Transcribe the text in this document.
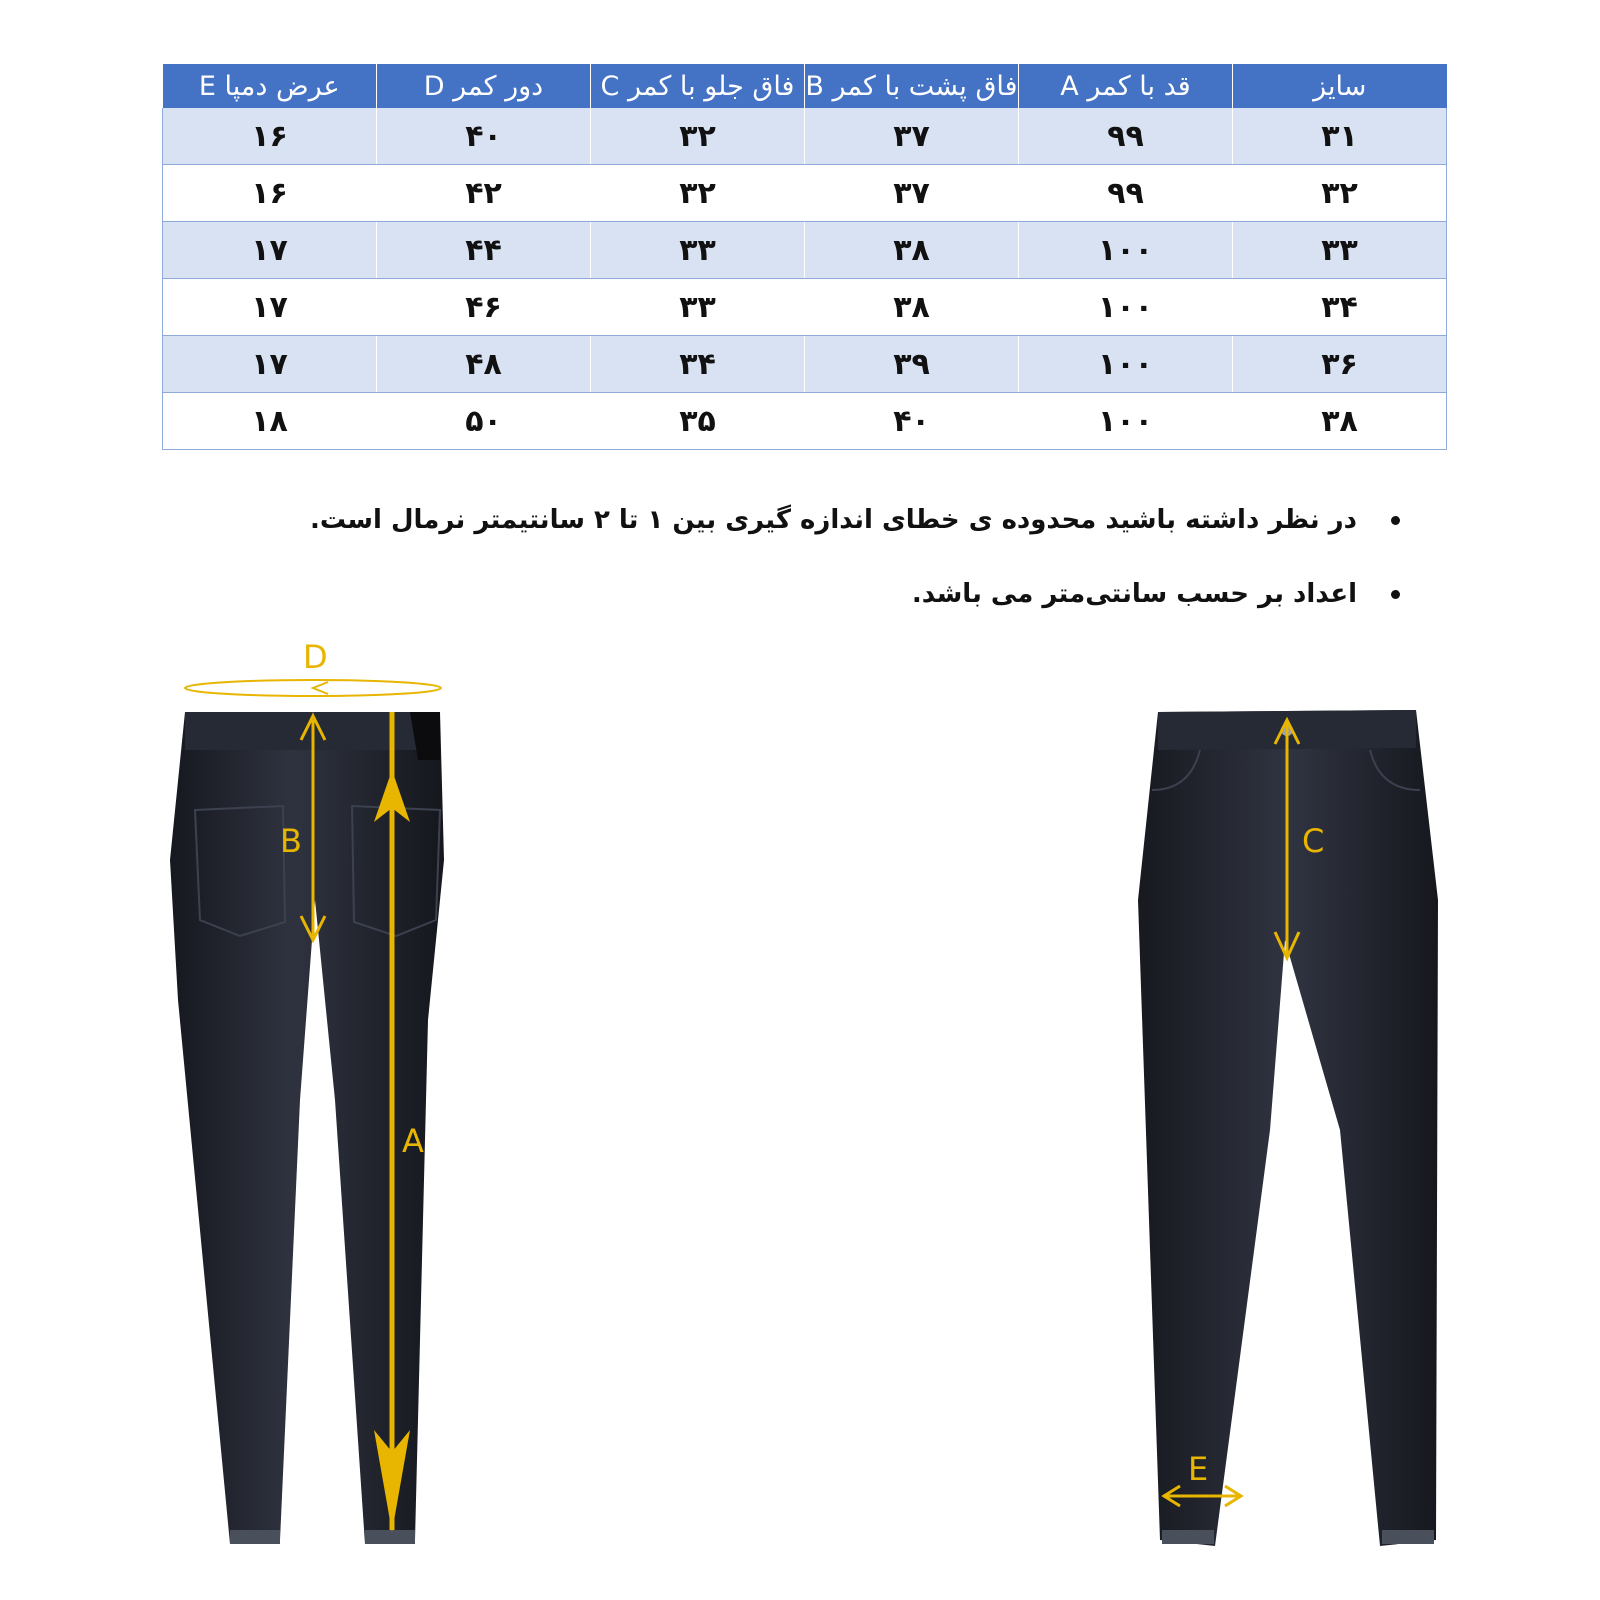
سایز	قد با کمر A	فاق پشت با کمر B	فاق جلو با کمر C	دور کمر D	عرض دمپا E
۳۱	۹۹	۳۷	۳۲	۴۰	۱۶
۳۲	۹۹	۳۷	۳۲	۴۲	۱۶
۳۳	۱۰۰	۳۸	۳۳	۴۴	۱۷
۳۴	۱۰۰	۳۸	۳۳	۴۶	۱۷
۳۶	۱۰۰	۳۹	۳۴	۴۸	۱۷
۳۸	۱۰۰	۴۰	۳۵	۵۰	۱۸
در نظر داشته باشید محدوده ی خطای اندازه گیری بین ۱ تا ۲ سانتیمتر نرمال است.
اعداد بر حسب سانتی‌متر می باشد.
D
B
A
C
E
